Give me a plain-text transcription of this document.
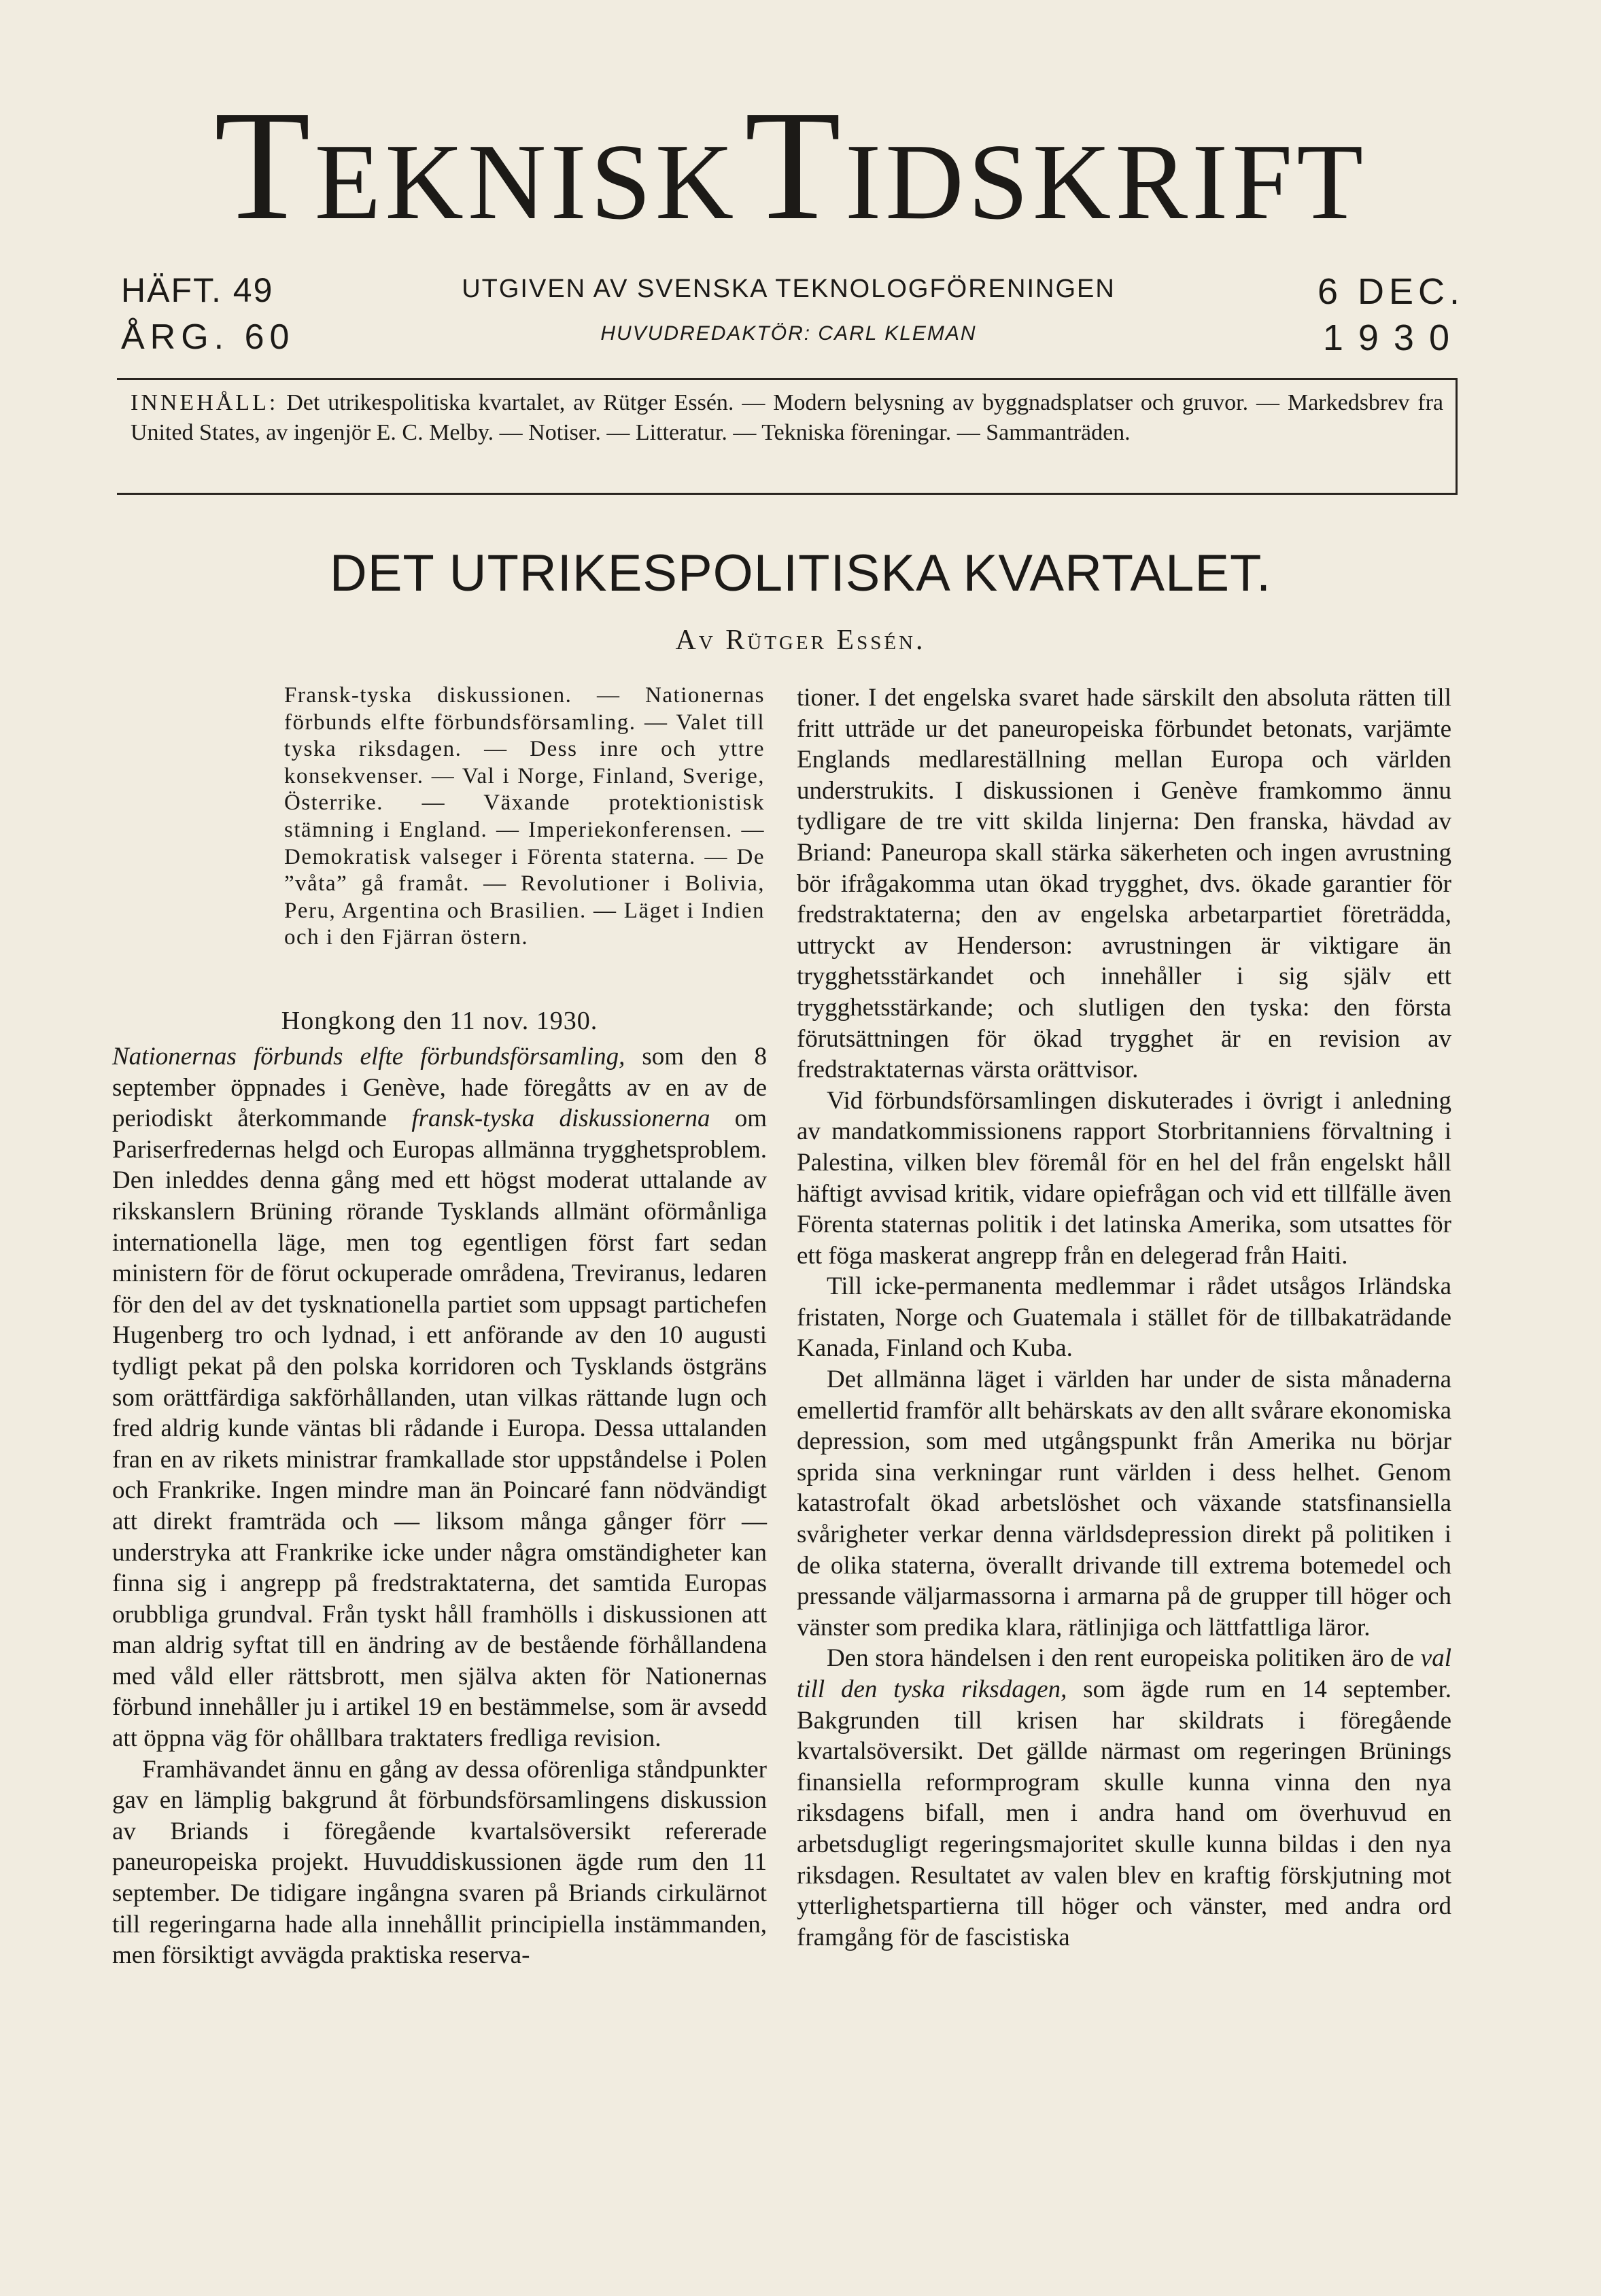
TEKNISKTIDSKRIFT
HÄFT. 49
ÅRG. 60
UTGIVEN AV SVENSKA TEKNOLOGFÖRENINGEN
HUVUDREDAKTÖR: CARL KLEMAN
6 DEC.
1930
INNEHÅLL: Det utrikespolitiska kvartalet, av Rütger Essén. — Modern belysning av byggnadsplatser och gruvor. — Markedsbrev fra United States, av ingenjör E. C. Melby. — Notiser. — Litteratur. — Tekniska föreningar. — Sammanträden.
DET UTRIKESPOLITISKA KVARTALET.
Av Rütger Essén.
Fransk-tyska diskussionen. — Nationernas förbunds elfte förbundsförsamling. — Valet till tyska riksdagen. — Dess inre och yttre konsekvenser. — Val i Norge, Finland, Sverige, Österrike. — Växande protektionistisk stämning i England. — Imperiekonferensen. — Demokratisk valseger i Förenta staterna. — De ”våta” gå framåt. — Revolutioner i Bolivia, Peru, Argentina och Brasilien. — Läget i Indien och i den Fjärran östern.
Hongkong den 11 nov. 1930.

Nationernas förbunds elfte förbundsförsamling, som den 8 september öppnades i Genève, hade föregåtts av en av de periodiskt återkommande fransk-tyska diskussionerna om Pariserfredernas helgd och Europas allmänna trygghetsproblem. Den inleddes denna gång med ett högst moderat uttalande av rikskanslern Brüning rörande Tysklands allmänt oförmånliga internationella läge, men tog egentligen först fart sedan ministern för de förut ockuperade områdena, Treviranus, ledaren för den del av det tysknationella partiet som uppsagt partichefen Hugenberg tro och lydnad, i ett anförande av den 10 augusti tydligt pekat på den polska korridoren och Tysklands östgräns som orättfärdiga sakförhållanden, utan vilkas rättande lugn och fred aldrig kunde väntas bli rådande i Europa. Dessa uttalanden fran en av rikets ministrar framkallade stor uppståndelse i Polen och Frankrike. Ingen mindre man än Poincaré fann nödvändigt att direkt framträda och — liksom många gånger förr — understryka att Frankrike icke under några omständigheter kan finna sig i angrepp på fredstraktaterna, det samtida Europas orubbliga grundval. Från tyskt håll framhölls i diskussionen att man aldrig syftat till en ändring av de bestående förhållandena med våld eller rättsbrott, men själva akten för Nationernas förbund innehåller ju i artikel 19 en bestämmelse, som är avsedd att öppna väg för ohållbara traktaters fredliga revision.

Framhävandet ännu en gång av dessa oförenliga ståndpunkter gav en lämplig bakgrund åt förbundsförsamlingens diskussion av Briands i föregående kvartalsöversikt refererade paneuropeiska projekt. Huvuddiskussionen ägde rum den 11 september. De tidigare ingångna svaren på Briands cirkulärnot till regeringarna hade alla innehållit principiella instämmanden, men försiktigt avvägda praktiska reserva-

tioner. I det engelska svaret hade särskilt den absoluta rätten till fritt utträde ur det paneuropeiska förbundet betonats, varjämte Englands medlareställning mellan Europa och världen understrukits. I diskussionen i Genève framkommo ännu tydligare de tre vitt skilda linjerna: Den franska, hävdad av Briand: Paneuropa skall stärka säkerheten och ingen avrustning bör ifrågakomma utan ökad trygghet, dvs. ökade garantier för fredstraktaterna; den av engelska arbetarpartiet företrädda, uttryckt av Henderson: avrustningen är viktigare än trygghetsstärkandet och innehåller i sig själv ett trygghetsstärkande; och slutligen den tyska: den första förutsättningen för ökad trygghet är en revision av fredstraktaternas värsta orättvisor.

Vid förbundsförsamlingen diskuterades i övrigt i anledning av mandatkommissionens rapport Storbritanniens förvaltning i Palestina, vilken blev föremål för en hel del från engelskt håll häftigt avvisad kritik, vidare opiefrågan och vid ett tillfälle även Förenta staternas politik i det latinska Amerika, som utsattes för ett föga maskerat angrepp från en delegerad från Haiti.

Till icke-permanenta medlemmar i rådet utsågos Irländska fristaten, Norge och Guatemala i stället för de tillbakaträdande Kanada, Finland och Kuba.

Det allmänna läget i världen har under de sista månaderna emellertid framför allt behärskats av den allt svårare ekonomiska depression, som med utgångspunkt från Amerika nu börjar sprida sina verkningar runt världen i dess helhet. Genom katastrofalt ökad arbetslöshet och växande statsfinansiella svårigheter verkar denna världsdepression direkt på politiken i de olika staterna, överallt drivande till extrema botemedel och pressande väljarmassorna i armarna på de grupper till höger och vänster som predika klara, rätlinjiga och lättfattliga läror.

Den stora händelsen i den rent europeiska politiken äro de val till den tyska riksdagen, som ägde rum en 14 september. Bakgrunden till krisen har skildrats i föregående kvartalsöversikt. Det gällde närmast om regeringen Brünings finansiella reformprogram skulle kunna vinna den nya riksdagens bifall, men i andra hand om överhuvud en arbetsdugligt regeringsmajoritet skulle kunna bildas i den nya riksdagen. Resultatet av valen blev en kraftig förskjutning mot ytterlighetspartierna till höger och vänster, med andra ord framgång för de fascistiska
